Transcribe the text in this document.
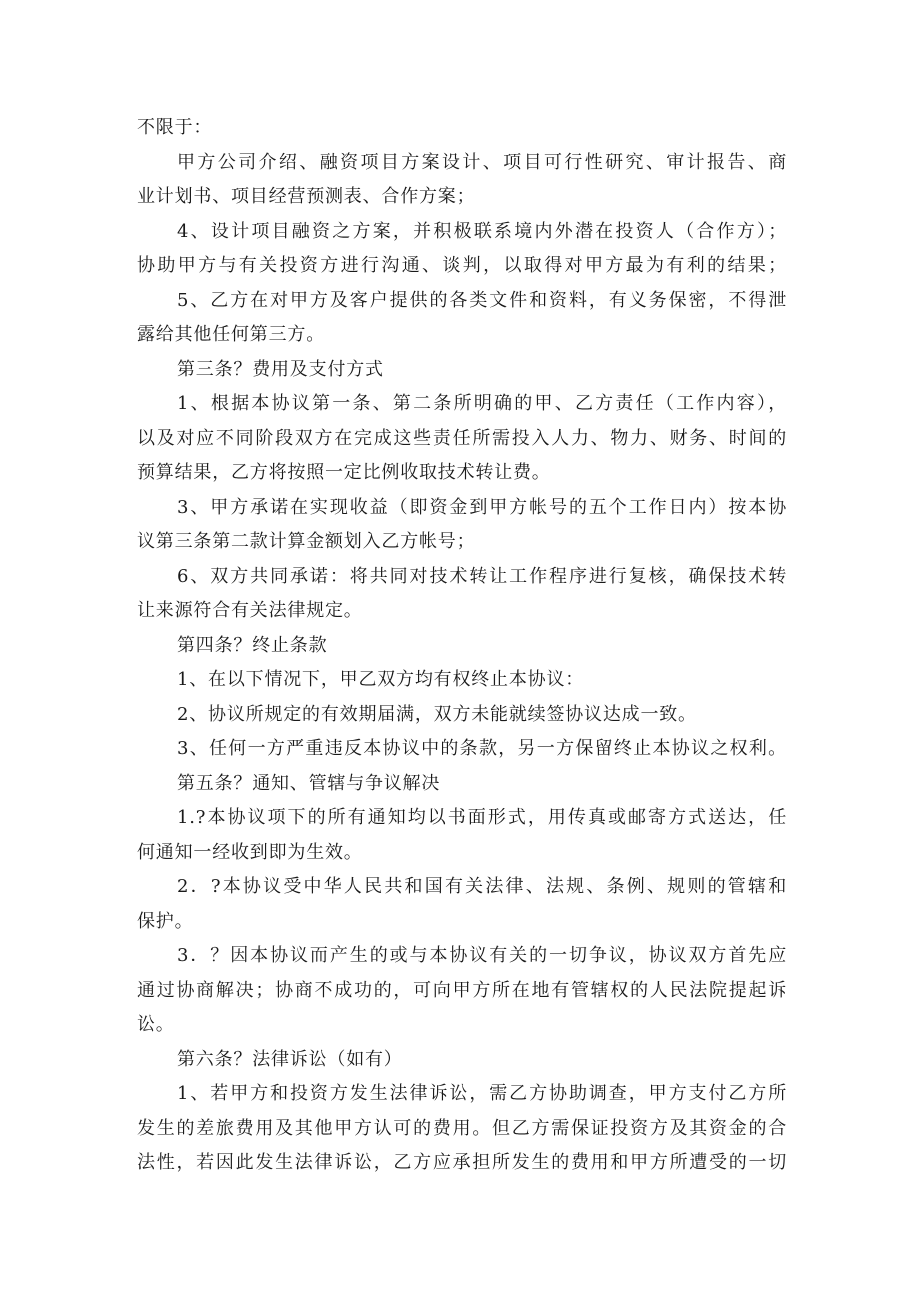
不限于：
甲方公司介绍、融资项目方案设计、项目可行性研究、审计报告、商
业计划书、项目经营预测表、合作方案；
4、设计项目融资之方案，并积极联系境内外潜在投资人（合作方）；
协助甲方与有关投资方进行沟通、谈判，以取得对甲方最为有利的结果；
5、乙方在对甲方及客户提供的各类文件和资料，有义务保密，不得泄
露给其他任何第三方。
第三条？费用及支付方式
1、根据本协议第一条、第二条所明确的甲、乙方责任（工作内容），
以及对应不同阶段双方在完成这些责任所需投入人力、物力、财务、时间的
预算结果，乙方将按照一定比例收取技术转让费。
3、甲方承诺在实现收益（即资金到甲方帐号的五个工作日内）按本协
议第三条第二款计算金额划入乙方帐号；
6、双方共同承诺：将共同对技术转让工作程序进行复核，确保技术转
让来源符合有关法律规定。
第四条？终止条款
1、在以下情况下，甲乙双方均有权终止本协议：
2、协议所规定的有效期届满，双方未能就续签协议达成一致。
3、任何一方严重违反本协议中的条款，另一方保留终止本协议之权利。
第五条？通知、管辖与争议解决
1.?本协议项下的所有通知均以书面形式，用传真或邮寄方式送达，任
何通知一经收到即为生效。
2．?本协议受中华人民共和国有关法律、法规、条例、规则的管辖和
保护。
3．？因本协议而产生的或与本协议有关的一切争议，协议双方首先应
通过协商解决；协商不成功的，可向甲方所在地有管辖权的人民法院提起诉
讼。
第六条？法律诉讼（如有）
1、若甲方和投资方发生法律诉讼，需乙方协助调查，甲方支付乙方所
发生的差旅费用及其他甲方认可的费用。但乙方需保证投资方及其资金的合
法性，若因此发生法律诉讼，乙方应承担所发生的费用和甲方所遭受的一切
